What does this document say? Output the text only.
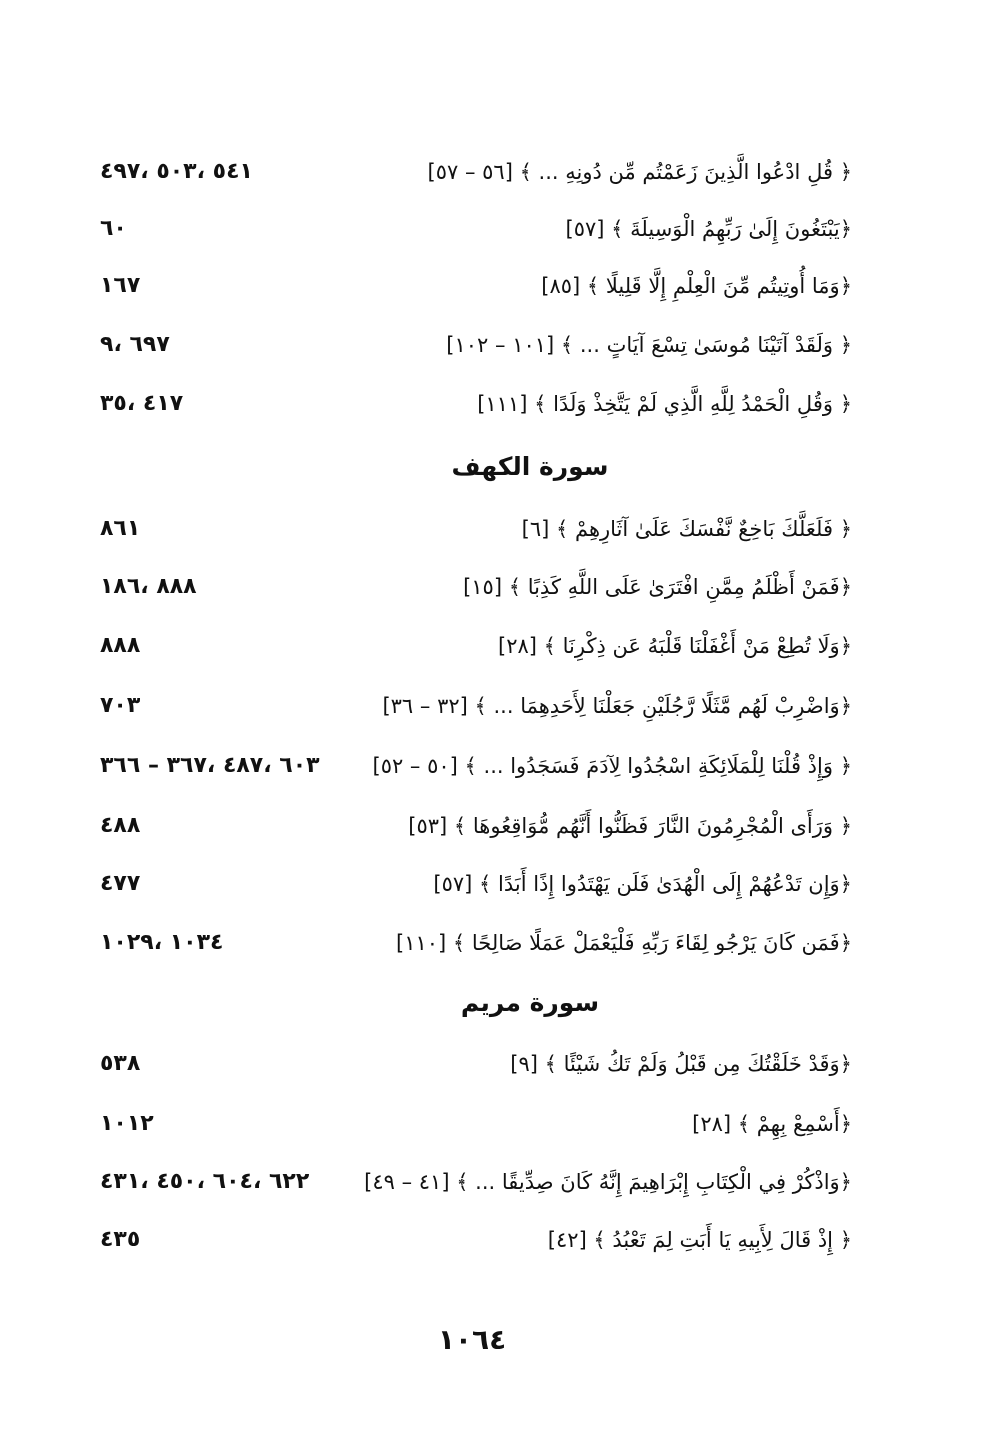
٥٤١ ،٥٠٣ ،٤٩٧	﴿ قُلِ ادْعُوا الَّذِينَ زَعَمْتُم مِّن دُونِهِ ... ﴾ [٥٦ – ٥٧]
٦٠	﴿يَبْتَغُونَ إِلَىٰ رَبِّهِمُ الْوَسِيلَةَ ﴾ [٥٧]
١٦٧	﴿وَمَا أُوتِيتُم مِّنَ الْعِلْمِ إِلَّا قَلِيلًا ﴾ [٨٥]
٦٩٧ ،٩	﴿ وَلَقَدْ آتَيْنَا مُوسَىٰ تِسْعَ آيَاتٍ ... ﴾ [١٠١ – ١٠٢]
٤١٧ ،٣٥	﴿ وَقُلِ الْحَمْدُ لِلَّهِ الَّذِي لَمْ يَتَّخِذْ وَلَدًا ﴾ [١١١]
سورة الكهف
٨٦١	﴿ فَلَعَلَّكَ بَاخِعٌ نَّفْسَكَ عَلَىٰ آثَارِهِمْ ﴾ [٦]
٨٨٨ ،١٨٦	﴿فَمَنْ أَظْلَمُ مِمَّنِ افْتَرَىٰ عَلَى اللَّهِ كَذِبًا ﴾ [١٥]
٨٨٨	﴿وَلَا تُطِعْ مَنْ أَغْفَلْنَا قَلْبَهُ عَن ذِكْرِنَا ﴾ [٢٨]
٧٠٣	﴿وَاضْرِبْ لَهُم مَّثَلًا رَّجُلَيْنِ جَعَلْنَا لِأَحَدِهِمَا ... ﴾ [٣٢ – ٣٦]
٦٠٣ ،٤٨٧ ،٣٦٧ – ٣٦٦	﴿ وَإِذْ قُلْنَا لِلْمَلَائِكَةِ اسْجُدُوا لِآدَمَ فَسَجَدُوا ... ﴾ [٥٠ – ٥٢]
٤٨٨	﴿ وَرَأَى الْمُجْرِمُونَ النَّارَ فَظَنُّوا أَنَّهُم مُّوَاقِعُوهَا ﴾ [٥٣]
٤٧٧	﴿وَإِن تَدْعُهُمْ إِلَى الْهُدَىٰ فَلَن يَهْتَدُوا إِذًا أَبَدًا ﴾ [٥٧]
١٠٣٤ ،١٠٢٩	﴿فَمَن كَانَ يَرْجُو لِقَاءَ رَبِّهِ فَلْيَعْمَلْ عَمَلًا صَالِحًا ﴾ [١١٠]
سورة مريم
٥٣٨	﴿وَقَدْ خَلَقْتُكَ مِن قَبْلُ وَلَمْ تَكُ شَيْئًا ﴾ [٩]
١٠١٢	﴿أَسْمِعْ بِهِمْ ﴾ [٢٨]
٦٢٢ ،٦٠٤ ،٤٥٠ ،٤٣١	﴿وَاذْكُرْ فِي الْكِتَابِ إِبْرَاهِيمَ إِنَّهُ كَانَ صِدِّيقًا ... ﴾ [٤١ – ٤٩]
٤٣٥	﴿ إِذْ قَالَ لِأَبِيهِ يَا أَبَتِ لِمَ تَعْبُدُ ﴾ [٤٢]
١٠٦٤
